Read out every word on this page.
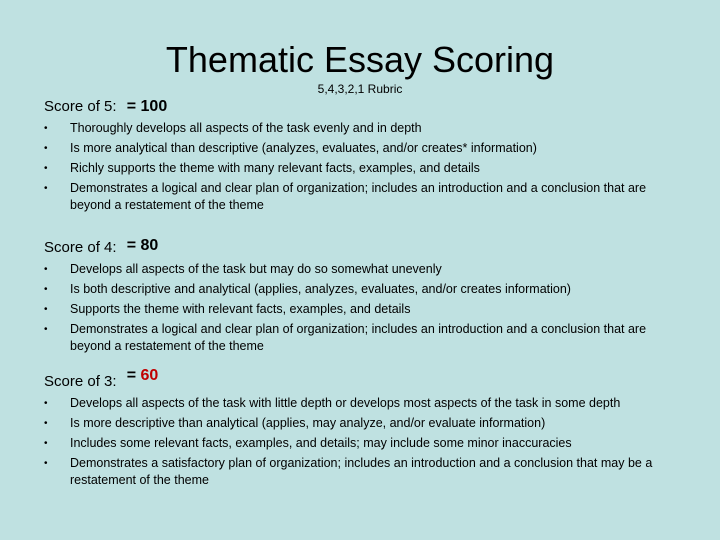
Thematic Essay Scoring
5,4,3,2,1 Rubric
Score of 5: = 100
•	Thoroughly develops all aspects of the task evenly and in depth
•	Is more analytical than descriptive (analyzes, evaluates, and/or creates* information)
•	Richly supports the theme with many relevant facts, examples, and details
•	Demonstrates a logical and clear plan of organization; includes an introduction and a conclusion that are beyond a restatement of the theme
Score of 4: = 80
•	Develops all aspects of the task but may do so somewhat unevenly
•	Is both descriptive and analytical (applies, analyzes, evaluates, and/or creates information)
•	Supports the theme with relevant facts, examples, and details
•	Demonstrates a logical and clear plan of organization; includes an introduction and a conclusion that are beyond a restatement of the theme
Score of 3: = 60
•	Develops all aspects of the task with little depth or develops most aspects of the task in some depth
•	Is more descriptive than analytical (applies, may analyze, and/or evaluate information)
•	Includes some relevant facts, examples, and details; may include some minor inaccuracies
•	Demonstrates a satisfactory plan of organization; includes an introduction and a conclusion that may be a restatement of the theme
